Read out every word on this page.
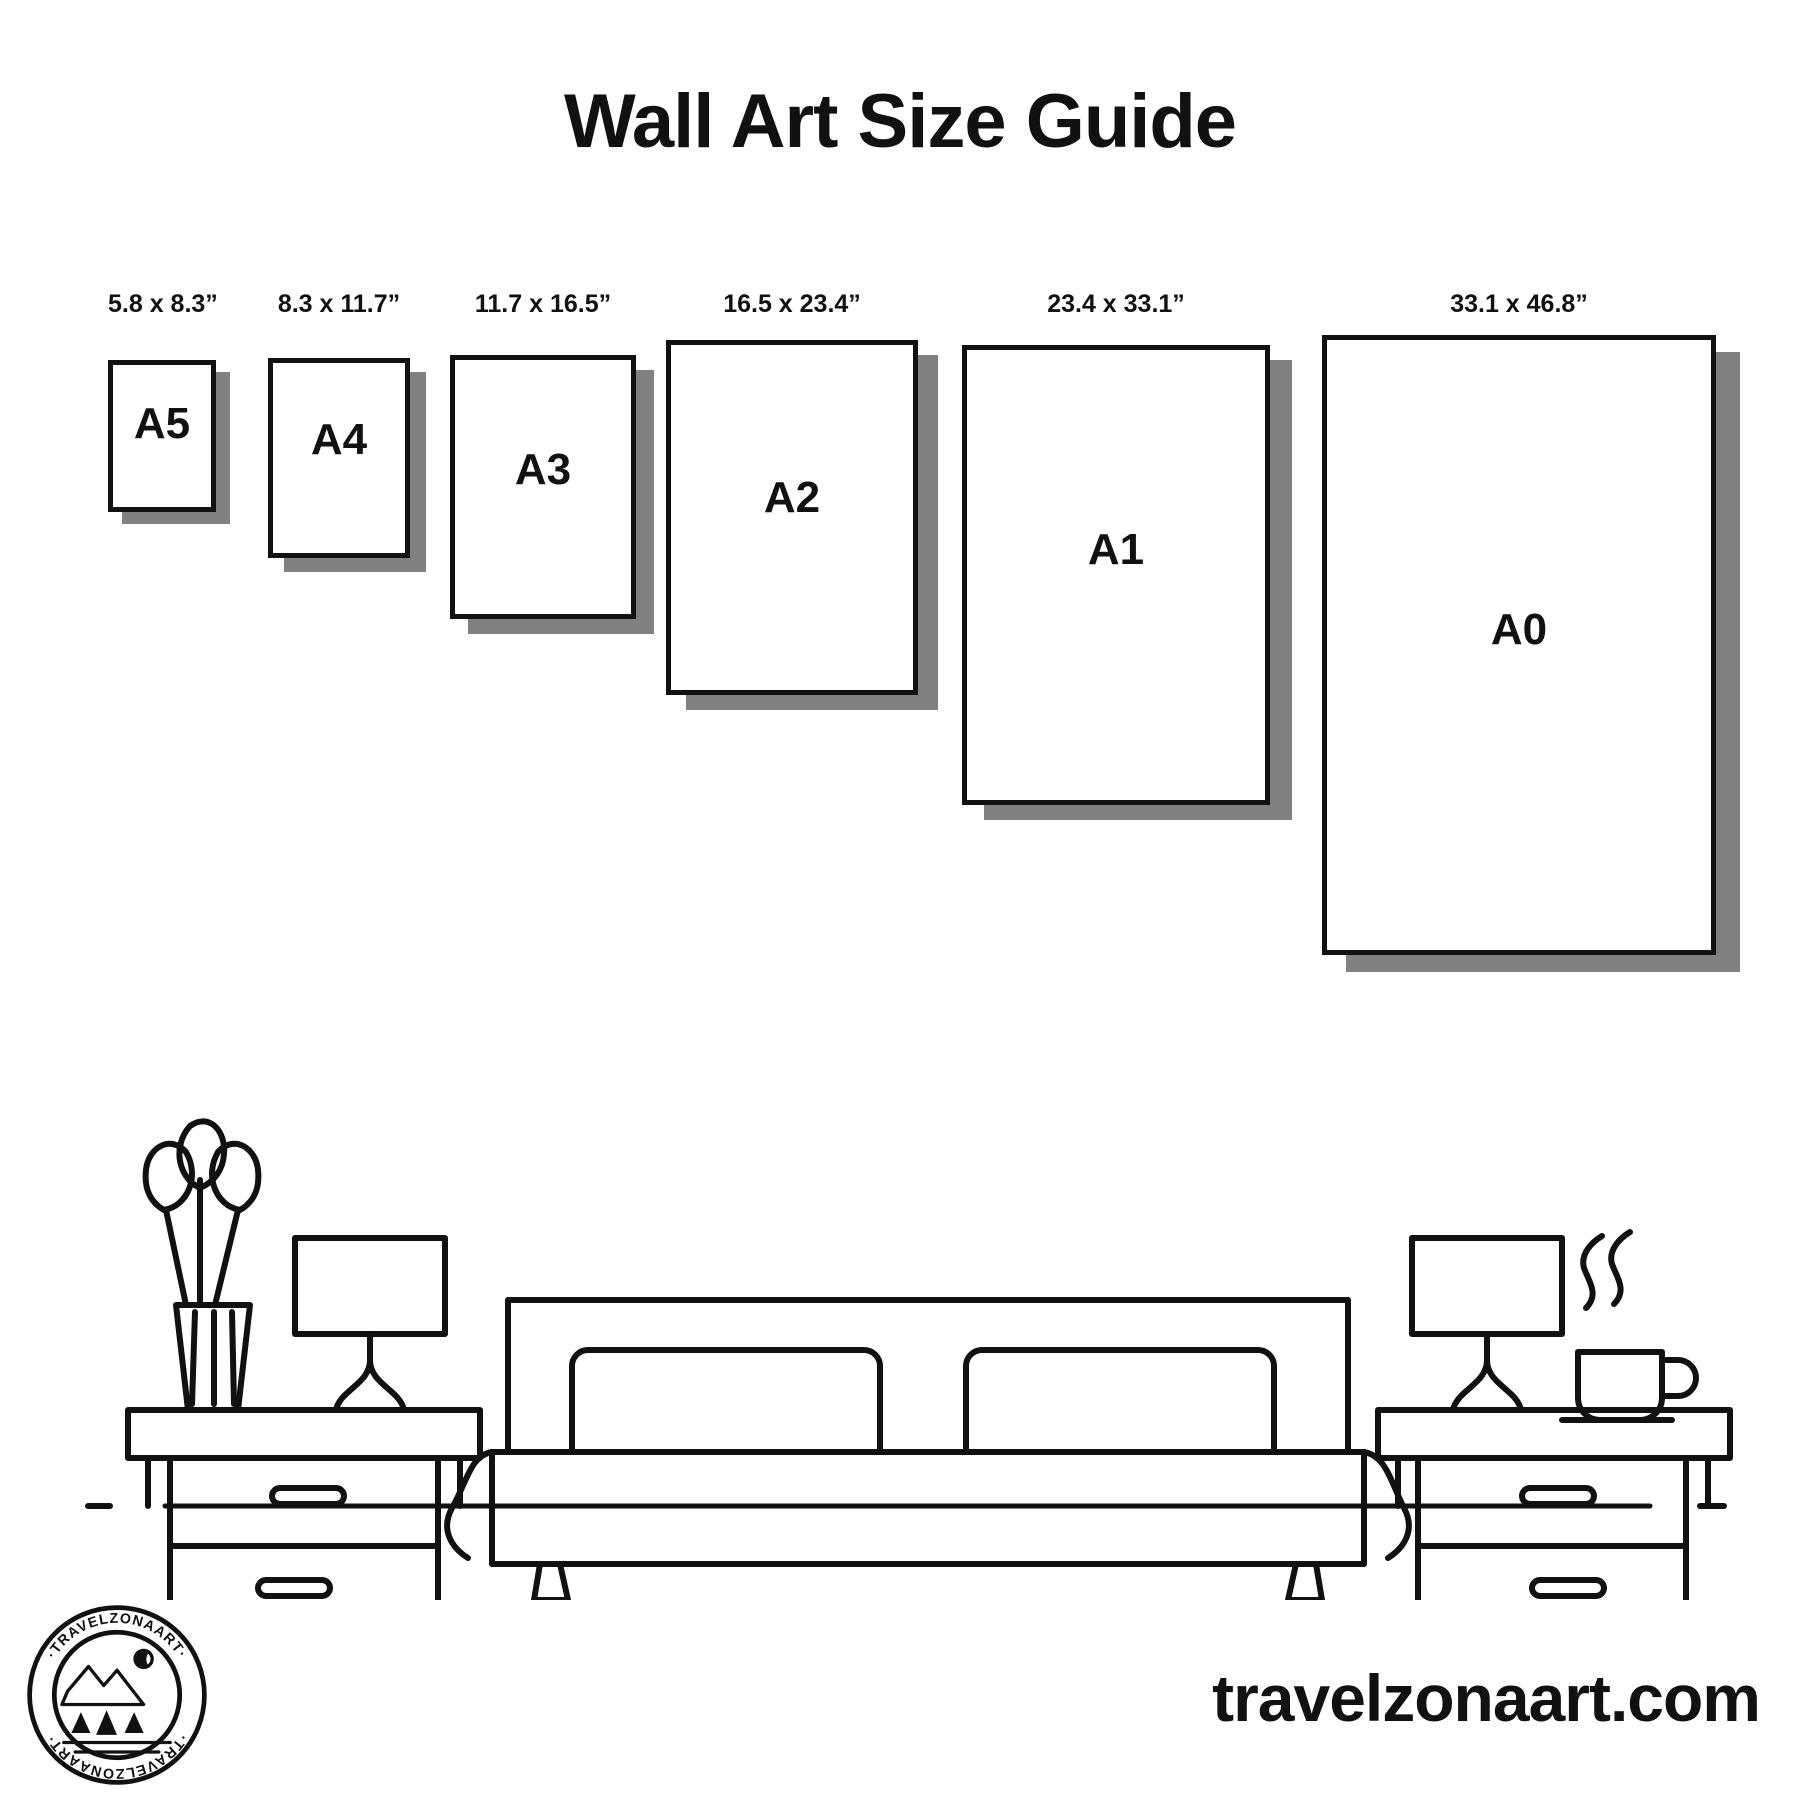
Wall Art Size Guide
5.8 x 8.3”
A5
8.3 x 11.7”
A4
11.7 x 16.5”
A3
16.5 x 23.4”
A2
23.4 x 33.1”
A1
33.1 x 46.8”
A0
·TRAVELZONAART·
·TRAVELZONAART·
travelzonaart.com
